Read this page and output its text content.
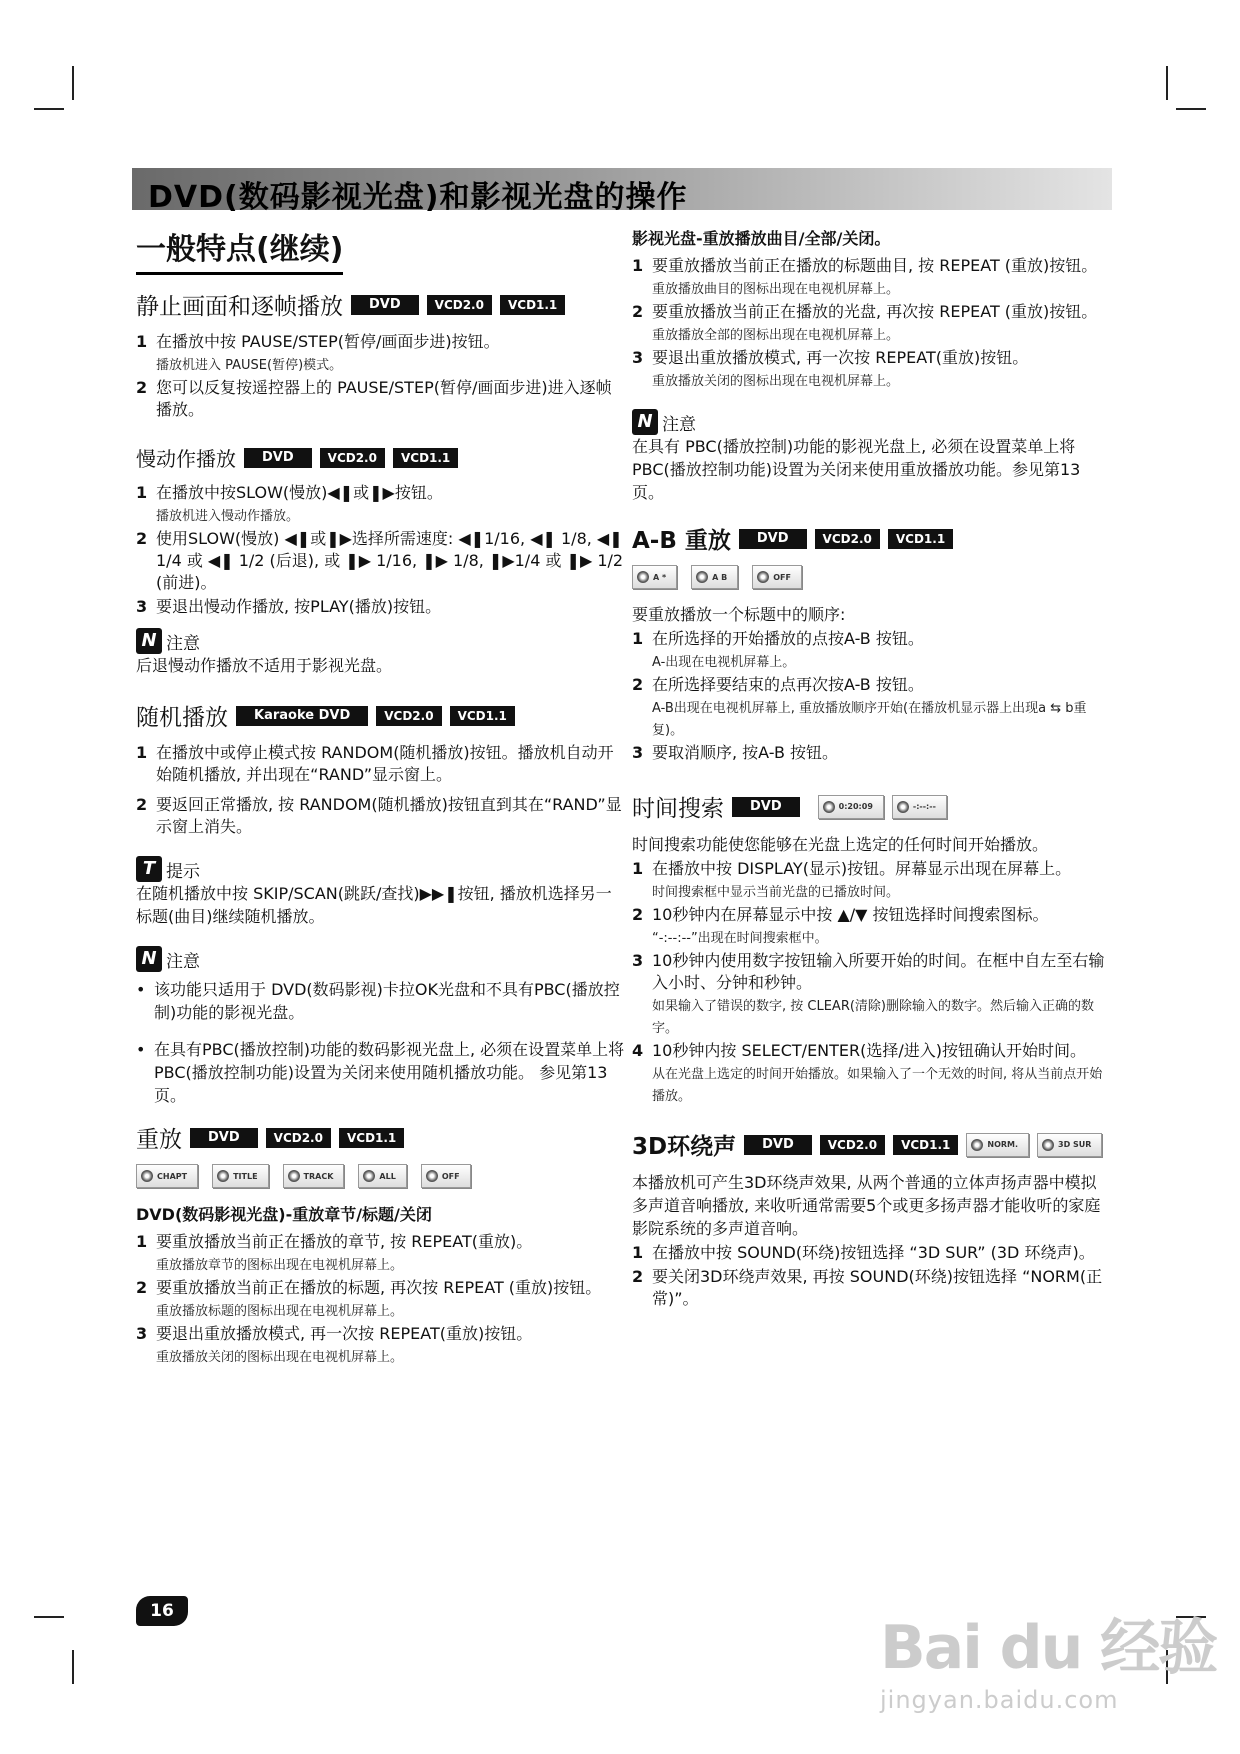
DVD(数码影视光盘)和影视光盘的操作
一般特点(继续)
静止画面和逐帧播放	DVD	VCD2.0	VCD1.1
1 在播放中按 PAUSE/STEP(暂停/画面步进)按钮。
播放机进入 PAUSE(暂停)模式。
2 您可以反复按遥控器上的 PAUSE/STEP(暂停/画面步进)进入逐帧播放。
慢动作播放	DVD	VCD2.0	VCD1.1
1 在播放中按SLOW(慢放)◀❚或❚▶按钮。
播放机进入慢动作播放。
2 使用SLOW(慢放) ◀❚或❚▶选择所需速度: ◀❚1/16, ◀❚ 1/8, ◀❚ 1/4 或 ◀❚ 1/2 (后退), 或 ❚▶ 1/16, ❚▶ 1/8, ❚▶1/4 或 ❚▶ 1/2 (前进)。
3 要退出慢动作播放, 按PLAY(播放)按钮。
N 注意
后退慢动作播放不适用于影视光盘。
随机播放	Karaoke DVD	VCD2.0	VCD1.1
1 在播放中或停止模式按 RANDOM(随机播放)按钮。播放机自动开始随机播放, 并出现在“RAND”显示窗上。
2 要返回正常播放, 按 RANDOM(随机播放)按钮直到其在“RAND”显示窗上消失。
T 提示
在随机播放中按 SKIP/SCAN(跳跃/查找)▶▶❚按钮, 播放机选择另一标题(曲目)继续随机播放。
N 注意
• 该功能只适用于 DVD(数码影视)卡拉OK光盘和不具有PBC(播放控制)功能的影视光盘。
• 在具有PBC(播放控制)功能的数码影视光盘上, 必须在设置菜单上将PBC(播放控制功能)设置为关闭来使用随机播放功能。 参见第13页。
重放	DVD	VCD2.0	VCD1.1
CHAPT	TITLE	TRACK	ALL	OFF
DVD(数码影视光盘)-重放章节/标题/关闭
1 要重放播放当前正在播放的章节, 按 REPEAT(重放)。
重放播放章节的图标出现在电视机屏幕上。
2 要重放播放当前正在播放的标题, 再次按 REPEAT (重放)按钮。
重放播放标题的图标出现在电视机屏幕上。
3 要退出重放播放模式, 再一次按 REPEAT(重放)按钮。
重放播放关闭的图标出现在电视机屏幕上。
影视光盘-重放播放曲目/全部/关闭。
1 要重放播放当前正在播放的标题曲目, 按 REPEAT (重放)按钮。
重放播放曲目的图标出现在电视机屏幕上。
2 要重放播放当前正在播放的光盘, 再次按 REPEAT (重放)按钮。
重放播放全部的图标出现在电视机屏幕上。
3 要退出重放播放模式, 再一次按 REPEAT(重放)按钮。
重放播放关闭的图标出现在电视机屏幕上。
N 注意
在具有 PBC(播放控制)功能的影视光盘上, 必须在设置菜单上将 PBC(播放控制功能)设置为关闭来使用重放播放功能。参见第13页。
A-B 重放	DVD	VCD2.0	VCD1.1
A *	A B	OFF
要重放播放一个标题中的顺序:
1 在所选择的开始播放的点按A-B 按钮。
A-出现在电视机屏幕上。
2 在所选择要结束的点再次按A-B 按钮。
A-B出现在电视机屏幕上, 重放播放顺序开始(在播放机显示器上出现a ⇆ b重复)。
3 要取消顺序, 按A-B 按钮。
时间搜索	DVD	0:20:09	-:--:--
时间搜索功能使您能够在光盘上选定的任何时间开始播放。
1 在播放中按 DISPLAY(显示)按钮。屏幕显示出现在屏幕上。
时间搜索框中显示当前光盘的已播放时间。
2 10秒钟内在屏幕显示中按 ▲/▼ 按钮选择时间搜索图标。
“-:--:--”出现在时间搜索框中。
3 10秒钟内使用数字按钮输入所要开始的时间。在框中自左至右输入小时、分钟和秒钟。
如果输入了错误的数字, 按 CLEAR(清除)删除输入的数字。然后输入正确的数字。
4 10秒钟内按 SELECT/ENTER(选择/进入)按钮确认开始时间。
从在光盘上选定的时间开始播放。如果输入了一个无效的时间, 将从当前点开始播放。
3D环绕声	DVD	VCD2.0	VCD1.1	NORM.	3D SUR
本播放机可产生3D环绕声效果, 从两个普通的立体声扬声器中模拟多声道音响播放, 来收听通常需要5个或更多扬声器才能收听的家庭影院系统的多声道音响。
1 在播放中按 SOUND(环绕)按钮选择 “3D SUR” (3D 环绕声)。
2 要关闭3D环绕声效果, 再按 SOUND(环绕)按钮选择 “NORM(正常)”。
16
Bai du 经验
jingyan.baidu.com
